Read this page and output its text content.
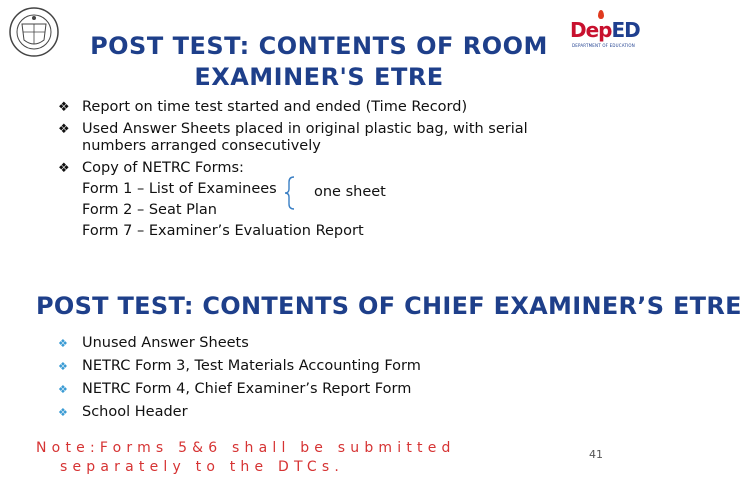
DepED
DEPARTMENT OF EDUCATION
POST TEST: CONTENTS OF ROOM
EXAMINER'S ETRE
❖ Report on time test started and ended (Time Record)
❖ Used Answer Sheets placed in original plastic bag, with serial
numbers arranged consecutively
❖ Copy of NETRC Forms:
Form 1 – List of Examinees
Form 2 – Seat Plan
Form 7 – Examiner’s Evaluation Report
one sheet
POST TEST: CONTENTS OF CHIEF EXAMINER’S ETRE
❖ Unused Answer Sheets
❖ NETRC Form 3, Test Materials Accounting Form
❖ NETRC Form 4, Chief Examiner’s Report Form
❖ School Header
Note:Forms 5&6 shall be submitted
separately to the DTCs.
41
